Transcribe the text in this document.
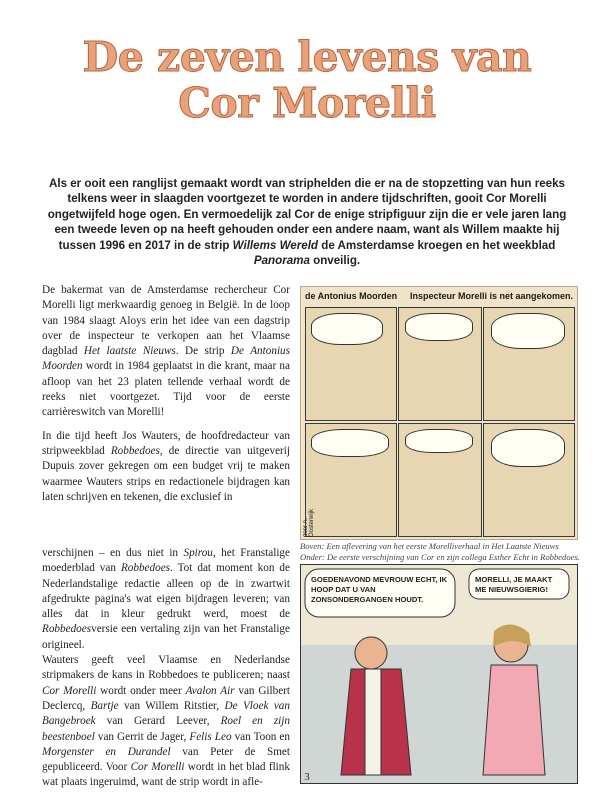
De zeven levens van
Cor Morelli
Als er ooit een ranglijst gemaakt wordt van striphelden die er na de stopzetting van hun reeks telkens weer in slaagden voortgezet te worden in andere tijdschriften, gooit Cor Morelli ongetwijfeld hoge ogen. En vermoedelijk zal Cor de enige stripfiguur zijn die er vele jaren lang een tweede leven op na heeft gehouden onder een andere naam, want als Willem maakte hij tussen 1996 en 2017 in de strip Willems Wereld de Amsterdamse kroegen en het weekblad Panorama onveilig.

De bakermat van de Amsterdamse rechercheur Cor Morelli ligt merkwaardig genoeg in België. In de loop van 1984 slaagt Aloys erin het idee van een dagstrip over de inspecteur te verkopen aan het Vlaamse dagblad Het laatste Nieuws. De strip De Antonius Moorden wordt in 1984 geplaatst in die krant, maar na afloop van het 23 platen tellende verhaal wordt de reeks niet voortgezet. Tijd voor de eerste carrièreswitch van Morelli!

In die tijd heeft Jos Wauters, de hoofdredacteur van stripweekblad Robbedoes, de directie van uitgeverij Dupuis zover gekregen om een budget vrij te maken waarmee Wauters strips en redactionele bijdragen kan laten schrijven en tekenen, die exclusief in

verschijnen – en dus niet in Spirou, het Franstalige moederblad van Robbedoes. Tot dat moment kon de Nederlandstalige redactie alleen op de in zwartwit afgedrukte pagina's wat eigen bijdragen leveren; van alles dat in kleur gedrukt werd, moest de Robbedoesversie een vertaling zijn van het Franstalige origineel.

Wauters geeft veel Vlaamse en Nederlandse stripmakers de kans in Robbedoes te publiceren; naast Cor Morelli wordt onder meer Avalon Air van Gilbert Declercq, Bartje van Willem Ritstier, De Vloek van Bangebroek van Gerard Leever, Roel en zijn beestenboel van Gerrit de Jager, Felis Leo van Toon en Morgenster en Durandel van Peter de Smet gepubliceerd. Voor Cor Morelli wordt in het blad flink wat plaats ingeruimd, want de strip wordt in afle-

de Antonius Moorden Inspecteur Morelli is net aangekomen.
door A. Oosterwijk
Boven: Een aflevering van het eerste Morelliverhaal in Het Laatste Nieuws
Onder: De eerste verschijning van Cor en zijn collega Esther Echt in Robbedoes.
GOEDENAVOND MEVROUW ECHT, IK HOOP DAT U VAN ZONSONDERGANGEN HOUDT.
MORELLI, JE MAAKT ME NIEUWSGIERIG!
3
